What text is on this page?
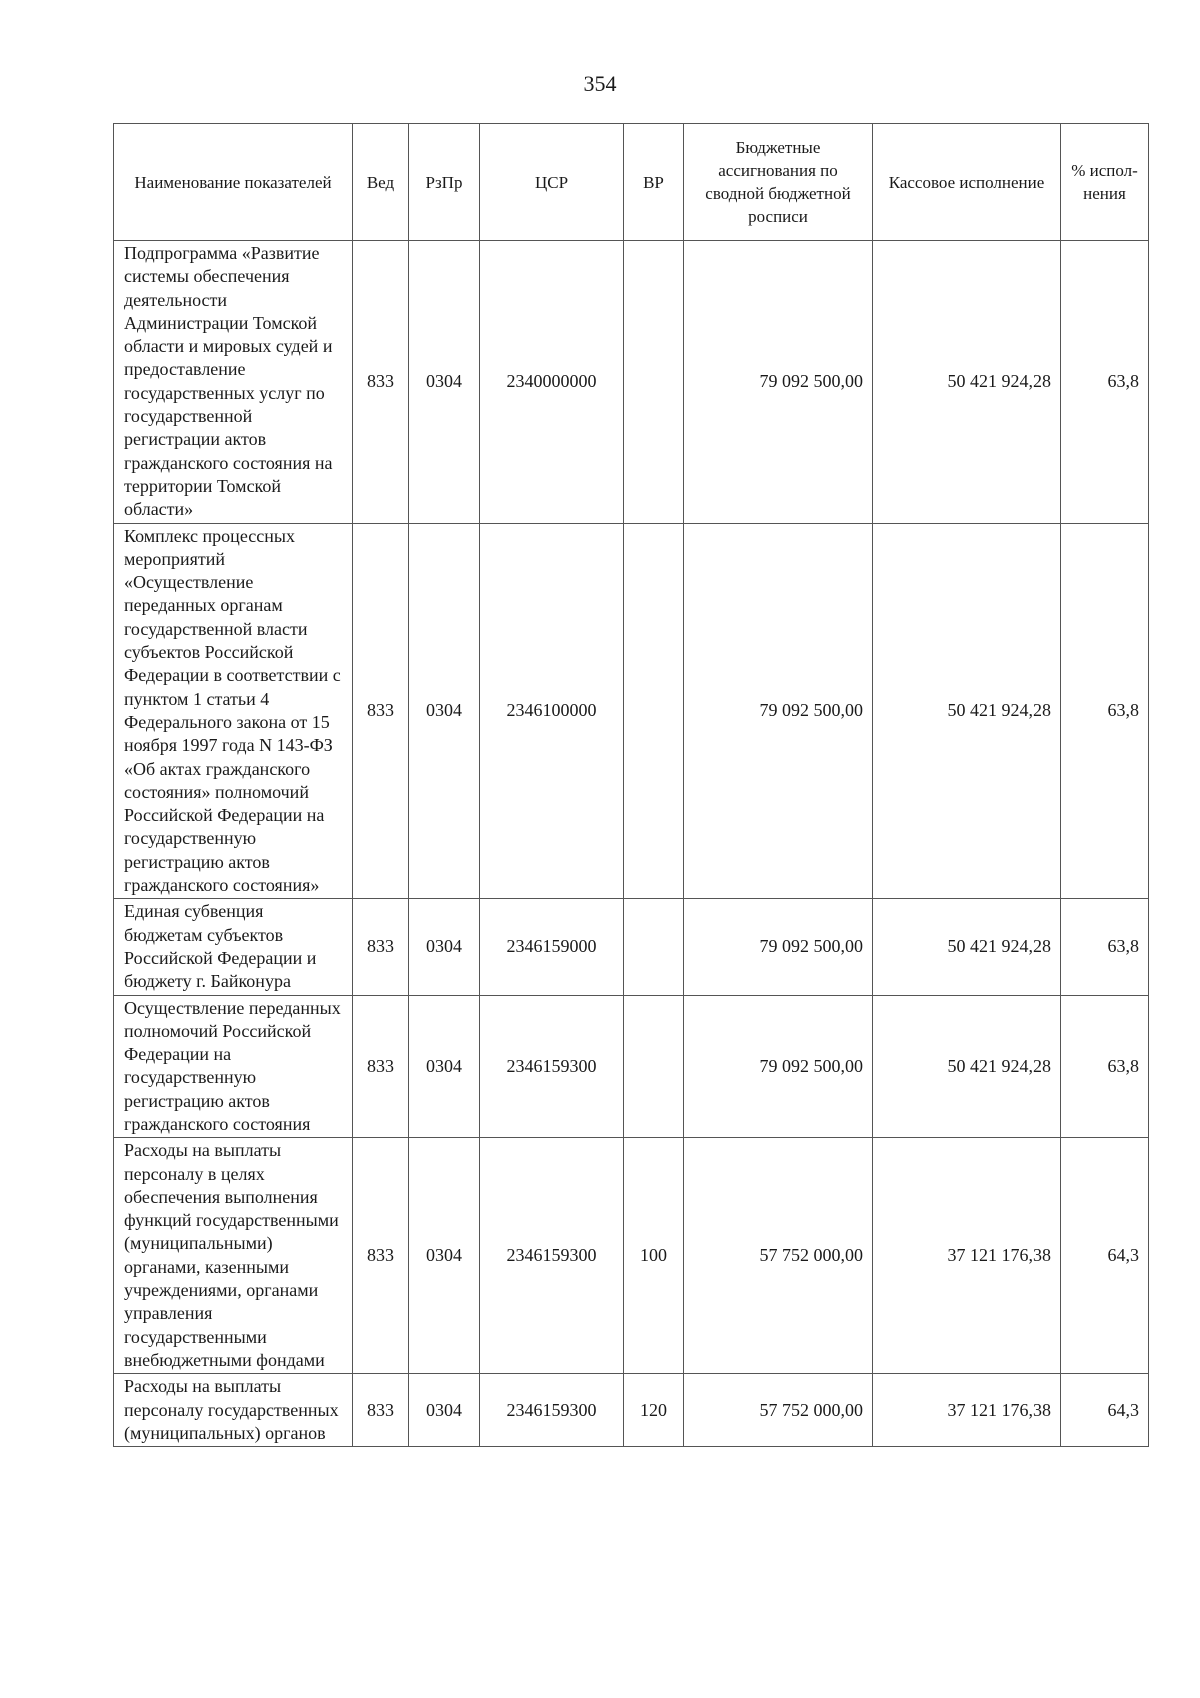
354
Наименование показателей	Вед	РзПр	ЦСР	ВР	Бюджетные ассигнования по сводной бюджетной росписи	Кассовое исполнение	% испол-нения
Подпрограмма «Развитие системы обеспечения деятельности Администрации Томской области и мировых судей и предоставление государственных услуг по государственной регистрации актов гражданского состояния на территории Томской области»	833	0304	2340000000		79 092 500,00	50 421 924,28	63,8
Комплекс процессных мероприятий «Осуществление переданных органам государственной власти субъектов Российской Федерации в соответствии с пунктом 1 статьи 4 Федерального закона от 15 ноября 1997 года N 143-ФЗ «Об актах гражданского состояния» полномочий Российской Федерации на государственную регистрацию актов гражданского состояния»	833	0304	2346100000		79 092 500,00	50 421 924,28	63,8
Единая субвенция бюджетам субъектов Российской Федерации и бюджету г. Байконура	833	0304	2346159000		79 092 500,00	50 421 924,28	63,8
Осуществление переданных полномочий Российской Федерации на государственную регистрацию актов гражданского состояния	833	0304	2346159300		79 092 500,00	50 421 924,28	63,8
Расходы на выплаты персоналу в целях обеспечения выполнения функций государственными (муниципальными) органами, казенными учреждениями, органами управления государственными внебюджетными фондами	833	0304	2346159300	100	57 752 000,00	37 121 176,38	64,3
Расходы на выплаты персоналу государственных (муниципальных) органов	833	0304	2346159300	120	57 752 000,00	37 121 176,38	64,3
